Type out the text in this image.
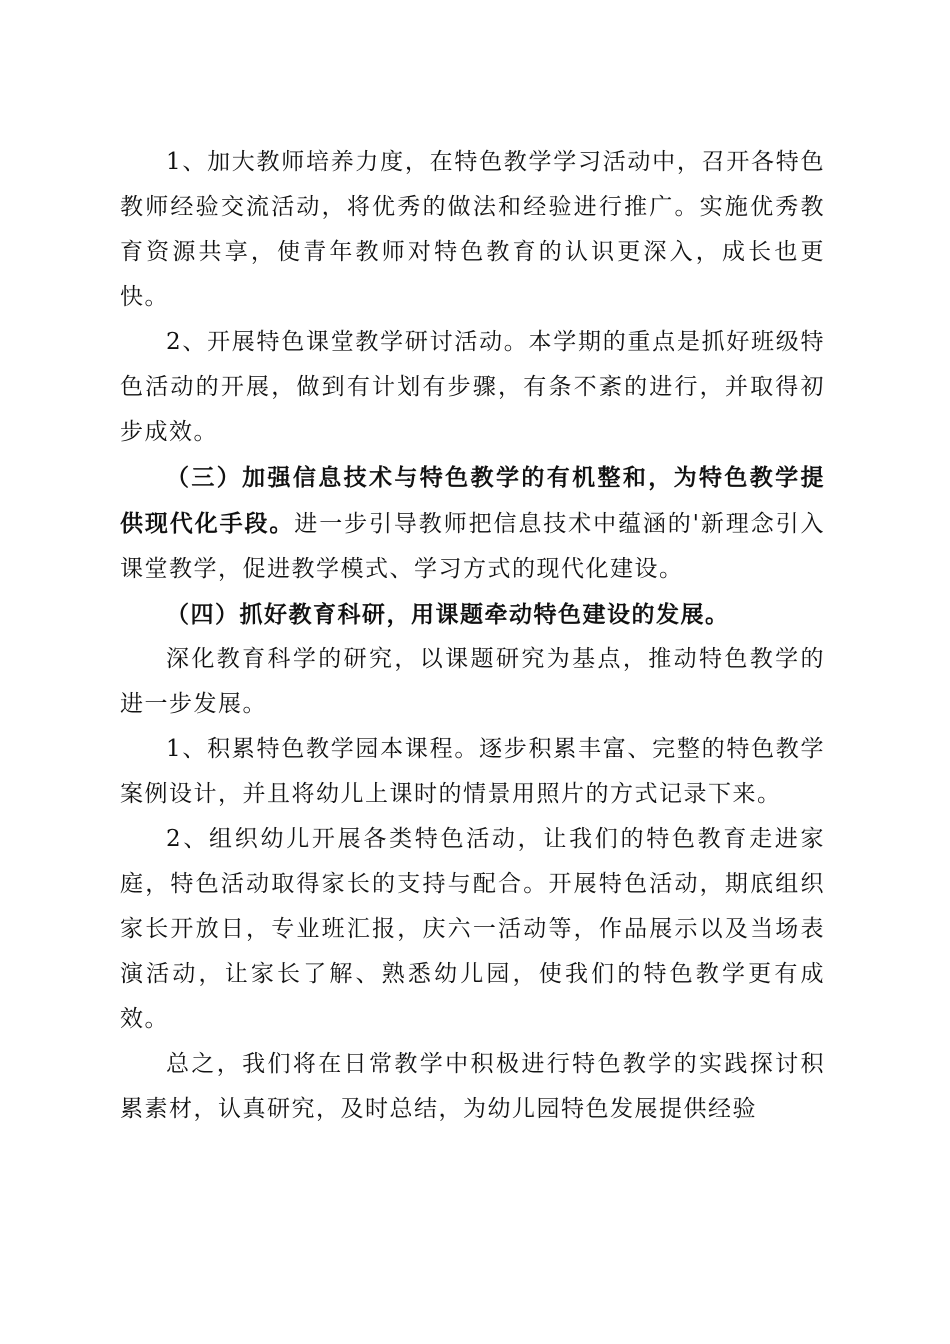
1、加大教师培养力度，在特色教学学习活动中，召开各特色教师经验交流活动，将优秀的做法和经验进行推广。实施优秀教育资源共享，使青年教师对特色教育的认识更深入，成长也更快。

2、开展特色课堂教学研讨活动。本学期的重点是抓好班级特色活动的开展，做到有计划有步骤，有条不紊的进行，并取得初步成效。

（三）加强信息技术与特色教学的有机整和，为特色教学提供现代化手段。进一步引导教师把信息技术中蕴涵的'新理念引入课堂教学，促进教学模式、学习方式的现代化建设。

（四）抓好教育科研，用课题牵动特色建设的发展。

深化教育科学的研究，以课题研究为基点，推动特色教学的进一步发展。

1、积累特色教学园本课程。逐步积累丰富、完整的特色教学案例设计，并且将幼儿上课时的情景用照片的方式记录下来。

2、组织幼儿开展各类特色活动，让我们的特色教育走进家庭，特色活动取得家长的支持与配合。开展特色活动，期底组织家长开放日，专业班汇报，庆六一活动等，作品展示以及当场表演活动，让家长了解、熟悉幼儿园，使我们的特色教学更有成效。

总之，我们将在日常教学中积极进行特色教学的实践探讨积累素材，认真研究，及时总结，为幼儿园特色发展提供经验
